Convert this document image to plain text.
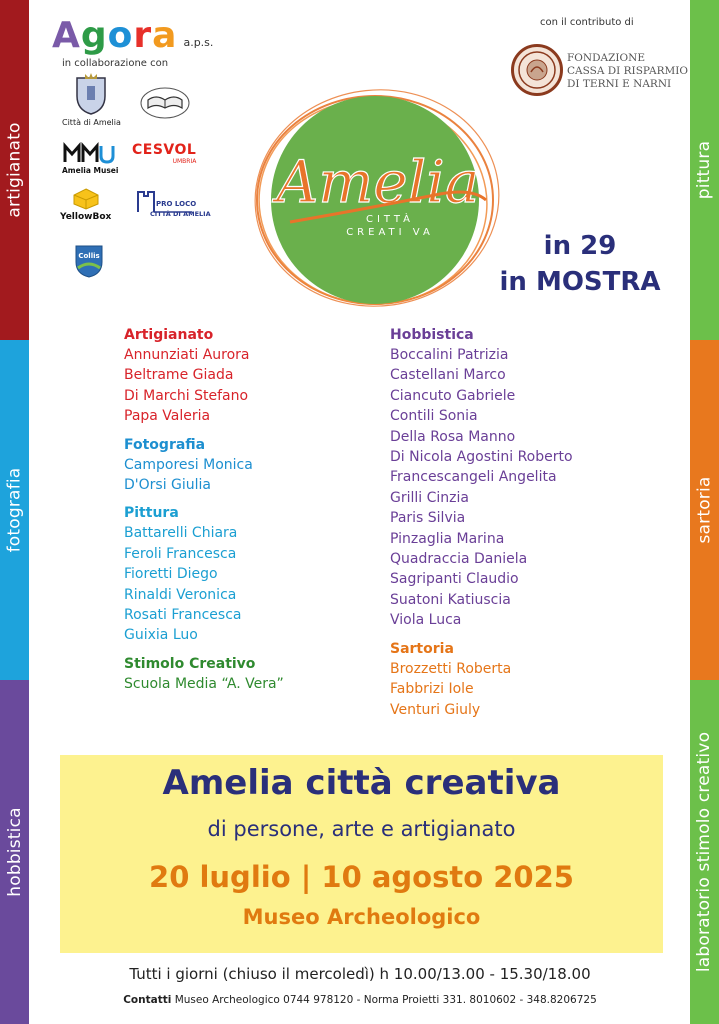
artigianato
fotografia
hobbistica
pittura
sartoria
laboratorio stimolo creativo
Agora a.p.s.
in collaborazione con
Città di Amelia
Amelia Musei
CESVOL
UMBRIA
YellowBox
PRO LOCO
CITTÀ DI AMELIA
Collis
con il contributo di
FONDAZIONE
CASSA DI RISPARMIO
DI TERNI E NARNI
Amelia
CITTÀ
CREATI VA	in 29
in MOSTRA
Artigianato
Annunziati Aurora
Beltrame Giada
Di Marchi Stefano
Papa Valeria
Fotografia
Camporesi Monica
D'Orsi Giulia
Pittura
Battarelli Chiara
Feroli Francesca
Fioretti Diego
Rinaldi Veronica
Rosati Francesca
Guixia Luo
Stimolo Creativo
Scuola Media “A. Vera”
Hobbistica
Boccalini Patrizia
Castellani Marco
Ciancuto Gabriele
Contili Sonia
Della Rosa Manno
Di Nicola Agostini Roberto
Francescangeli Angelita
Grilli Cinzia
Paris Silvia
Pinzaglia Marina
Quadraccia Daniela
Sagripanti Claudio
Suatoni Katiuscia
Viola Luca
Sartoria
Brozzetti Roberta
Fabbrizi Iole
Venturi Giuly
Amelia città creativa
di persone, arte e artigianato
20 luglio | 10 agosto 2025
Museo Archeologico
Tutti i giorni (chiuso il mercoledì) h 10.00/13.00 - 15.30/18.00
Contatti Museo Archeologico 0744 978120 - Norma Proietti 331. 8010602 - 348.8206725
